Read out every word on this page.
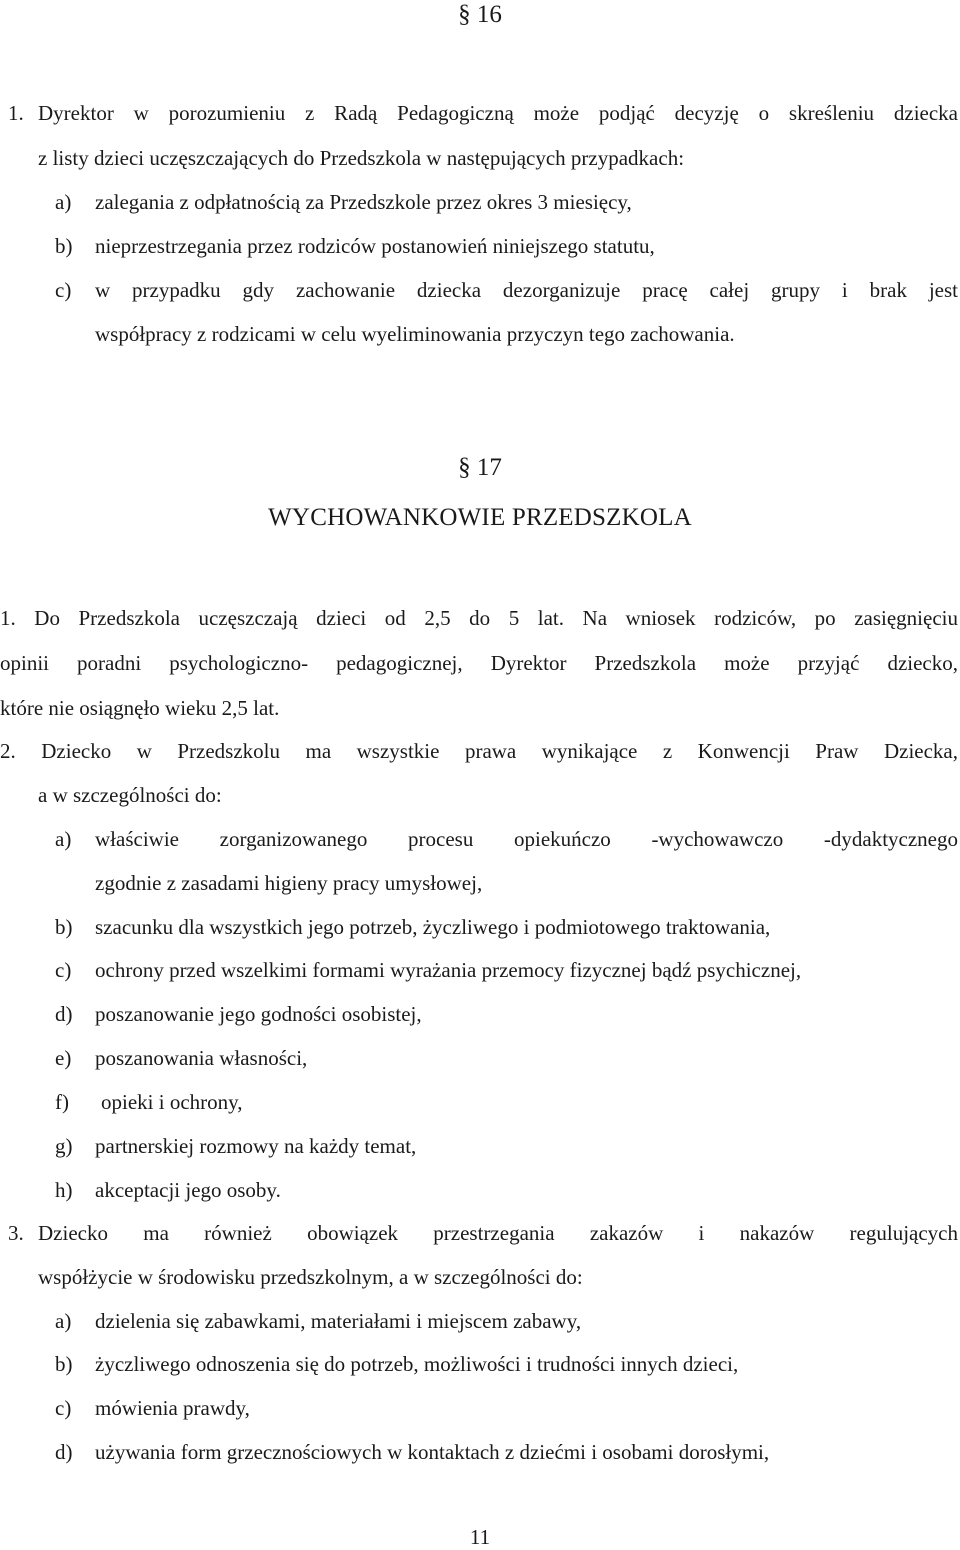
§ 16
1. Dyrektor w porozumieniu z Radą Pedagogiczną może podjąć decyzję o skreśleniu dziecka
z listy dzieci uczęszczających do Przedszkola w następujących przypadkach:
a) zalegania z odpłatnością za Przedszkole przez okres 3 miesięcy,
b) nieprzestrzegania przez rodziców postanowień niniejszego statutu,
c) w przypadku gdy zachowanie dziecka dezorganizuje pracę całej grupy i brak jest
współpracy z rodzicami w celu wyeliminowania przyczyn tego zachowania.
§ 17
WYCHOWANKOWIE PRZEDSZKOLA
1. Do Przedszkola uczęszczają dzieci od 2,5 do 5 lat. Na wniosek rodziców, po zasięgnięciu
opinii poradni psychologiczno- pedagogicznej, Dyrektor Przedszkola może przyjąć dziecko,
które nie osiągnęło wieku 2,5 lat.
2. Dziecko w Przedszkolu ma wszystkie prawa wynikające z Konwencji Praw Dziecka,
a w szczególności do:
a) właściwie zorganizowanego procesu opiekuńczo -wychowawczo -dydaktycznego
zgodnie z zasadami higieny pracy umysłowej,
b) szacunku dla wszystkich jego potrzeb, życzliwego i podmiotowego traktowania,
c) ochrony przed wszelkimi formami wyrażania przemocy fizycznej bądź psychicznej,
d) poszanowanie jego godności osobistej,
e) poszanowania własności,
f) opieki i ochrony,
g) partnerskiej rozmowy na każdy temat,
h) akceptacji jego osoby.
3. Dziecko ma również obowiązek przestrzegania zakazów i nakazów regulujących
współżycie w środowisku przedszkolnym, a w szczególności do:
a) dzielenia się zabawkami, materiałami i miejscem zabawy,
b) życzliwego odnoszenia się do potrzeb, możliwości i trudności innych dzieci,
c) mówienia prawdy,
d) używania form grzecznościowych w kontaktach z dziećmi i osobami dorosłymi,
11
